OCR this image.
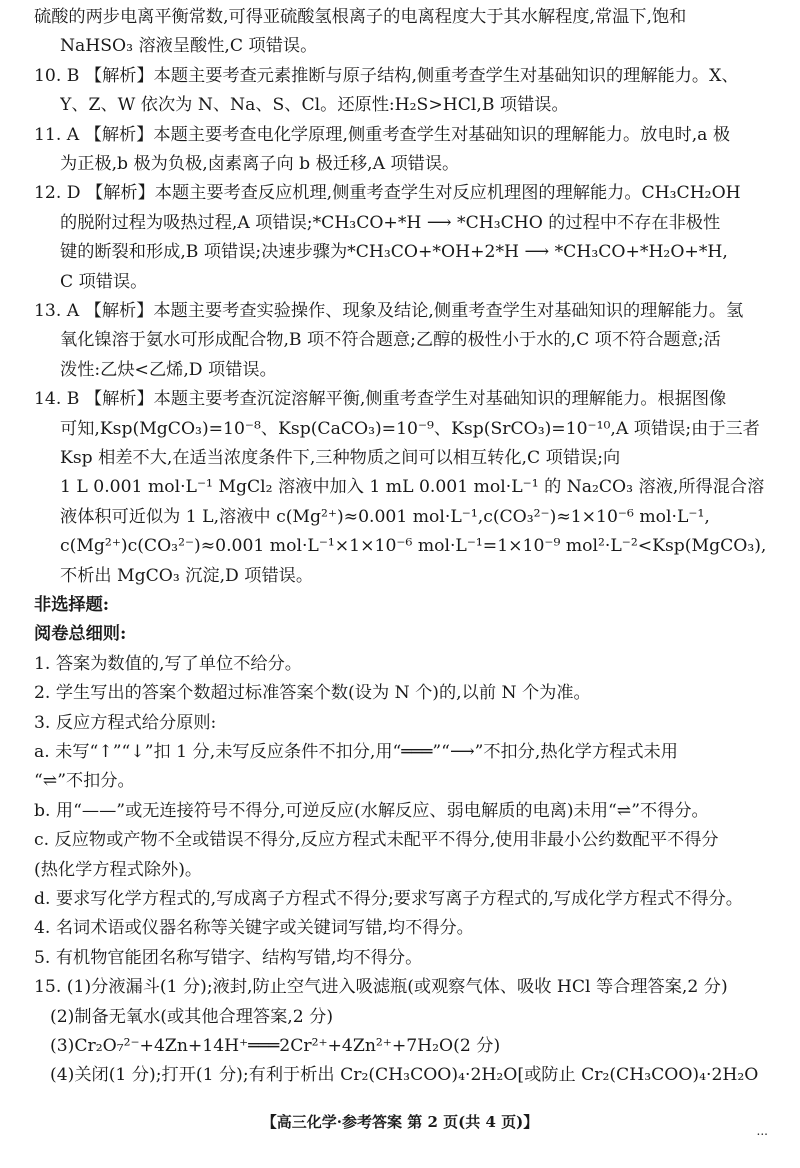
硫酸的两步电离平衡常数,可得亚硫酸氢根离子的电离程度大于其水解程度,常温下,饱和
NaHSO₃ 溶液呈酸性,C 项错误。
10. B 【解析】本题主要考查元素推断与原子结构,侧重考查学生对基础知识的理解能力。X、
Y、Z、W 依次为 N、Na、S、Cl。还原性:H₂S>HCl,B 项错误。
11. A 【解析】本题主要考查电化学原理,侧重考查学生对基础知识的理解能力。放电时,a 极
为正极,b 极为负极,卤素离子向 b 极迁移,A 项错误。
12. D 【解析】本题主要考查反应机理,侧重考查学生对反应机理图的理解能力。CH₃CH₂OH
的脱附过程为吸热过程,A 项错误;*CH₃CO+*H ⟶ *CH₃CHO 的过程中不存在非极性
键的断裂和形成,B 项错误;决速步骤为*CH₃CO+*OH+2*H ⟶ *CH₃CO+*H₂O+*H,
C 项错误。
13. A 【解析】本题主要考查实验操作、现象及结论,侧重考查学生对基础知识的理解能力。氢
氧化镍溶于氨水可形成配合物,B 项不符合题意;乙醇的极性小于水的,C 项不符合题意;活
泼性:乙炔<乙烯,D 项错误。
14. B 【解析】本题主要考查沉淀溶解平衡,侧重考查学生对基础知识的理解能力。根据图像
可知,Ksp(MgCO₃)=10⁻⁸、Ksp(CaCO₃)=10⁻⁹、Ksp(SrCO₃)=10⁻¹⁰,A 项错误;由于三者
Ksp 相差不大,在适当浓度条件下,三种物质之间可以相互转化,C 项错误;向
1 L 0.001 mol·L⁻¹ MgCl₂ 溶液中加入 1 mL 0.001 mol·L⁻¹ 的 Na₂CO₃ 溶液,所得混合溶
液体积可近似为 1 L,溶液中 c(Mg²⁺)≈0.001 mol·L⁻¹,c(CO₃²⁻)≈1×10⁻⁶ mol·L⁻¹,
c(Mg²⁺)c(CO₃²⁻)≈0.001 mol·L⁻¹×1×10⁻⁶ mol·L⁻¹=1×10⁻⁹ mol²·L⁻²<Ksp(MgCO₃),
不析出 MgCO₃ 沉淀,D 项错误。
非选择题:
阅卷总细则:
1. 答案为数值的,写了单位不给分。
2. 学生写出的答案个数超过标准答案个数(设为 N 个)的,以前 N 个为准。
3. 反应方程式给分原则:
a. 未写“↑”“↓”扣 1 分,未写反应条件不扣分,用“═══”“⟶”不扣分,热化学方程式未用
“⇌”不扣分。
b. 用“——”或无连接符号不得分,可逆反应(水解反应、弱电解质的电离)未用“⇌”不得分。
c. 反应物或产物不全或错误不得分,反应方程式未配平不得分,使用非最小公约数配平不得分
(热化学方程式除外)。
d. 要求写化学方程式的,写成离子方程式不得分;要求写离子方程式的,写成化学方程式不得分。
4. 名词术语或仪器名称等关键字或关键词写错,均不得分。
5. 有机物官能团名称写错字、结构写错,均不得分。
15. (1)分液漏斗(1 分);液封,防止空气进入吸滤瓶(或观察气体、吸收 HCl 等合理答案,2 分)
(2)制备无氧水(或其他合理答案,2 分)
(3)Cr₂O₇²⁻+4Zn+14H⁺═══2Cr²⁺+4Zn²⁺+7H₂O(2 分)
(4)关闭(1 分);打开(1 分);有利于析出 Cr₂(CH₃COO)₄·2H₂O[或防止 Cr₂(CH₃COO)₄·2H₂O
【高三化学·参考答案 第 2 页(共 4 页)】	...
